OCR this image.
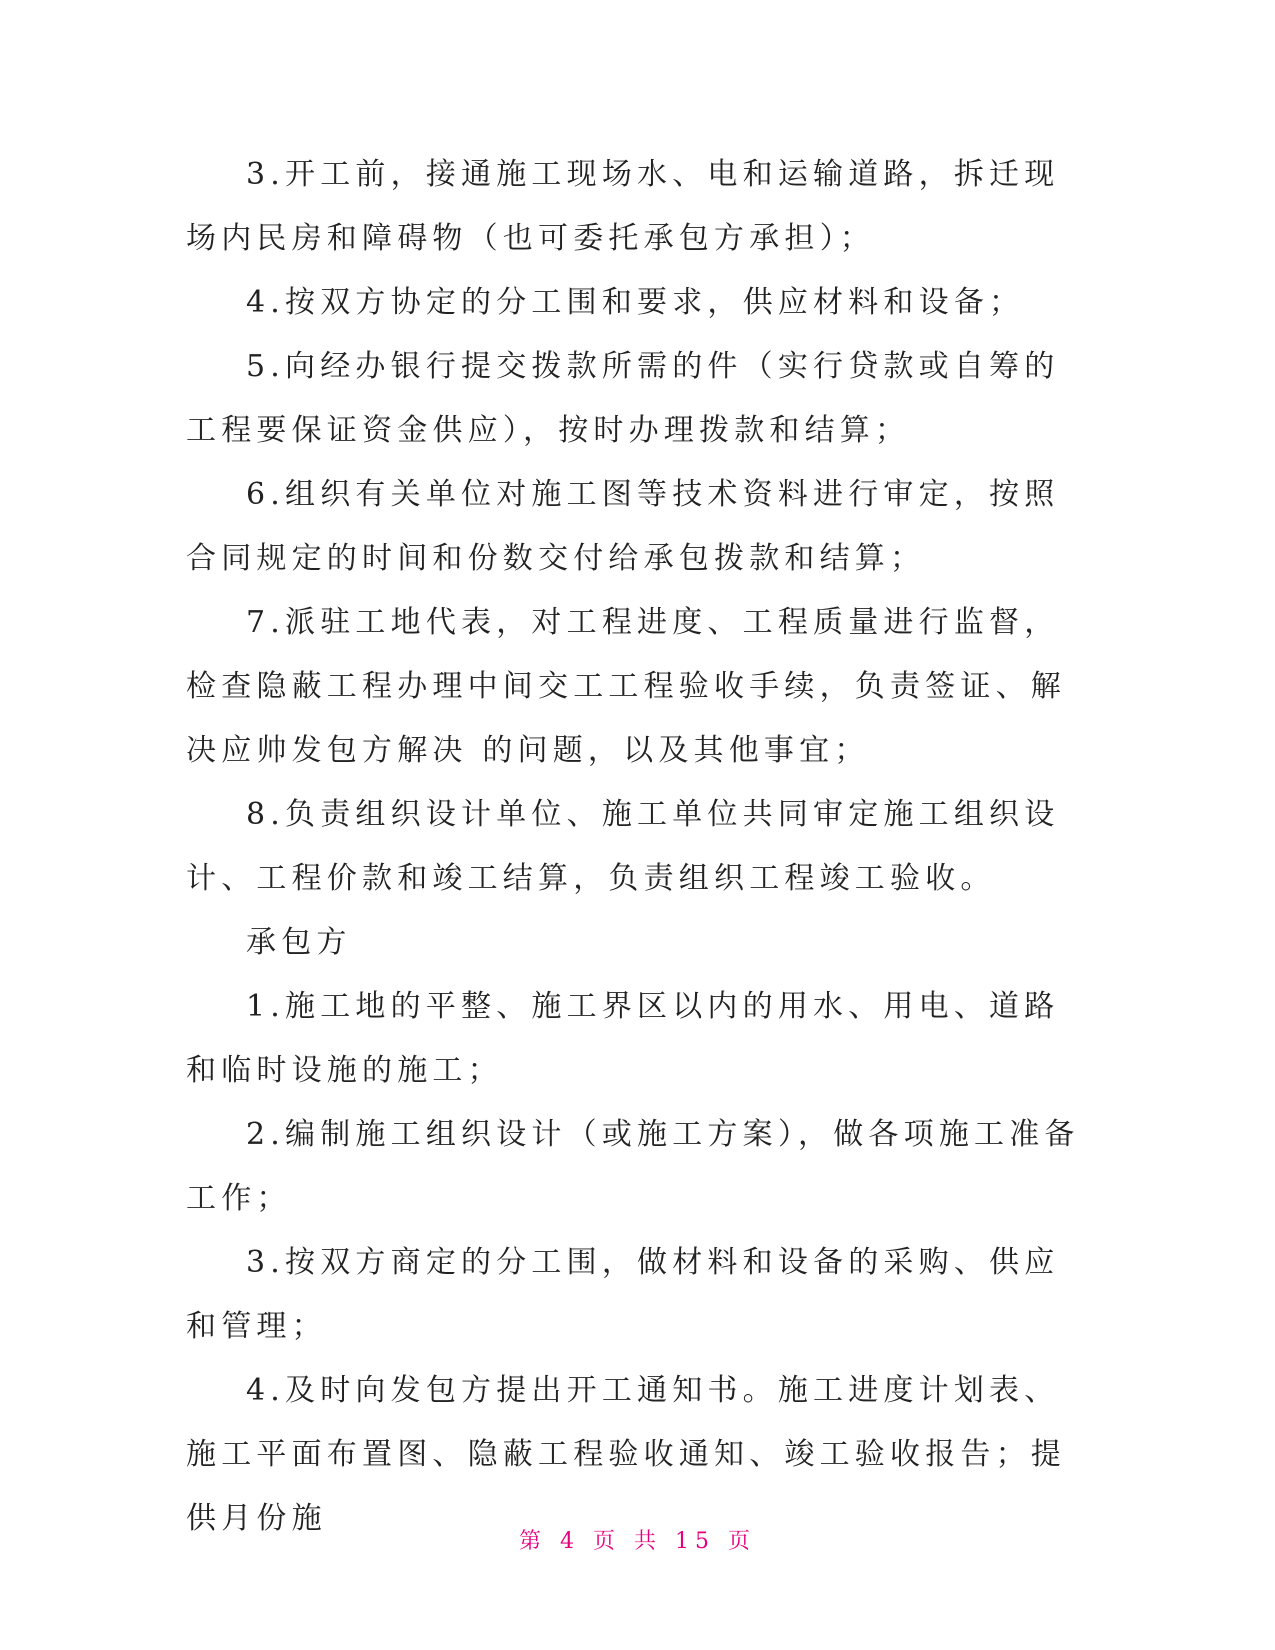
3.开工前，接通施工现场水、电和运输道路，拆迁现场内民房和障碍物（也可委托承包方承担）；

4.按双方协定的分工围和要求，供应材料和设备；

5.向经办银行提交拨款所需的件（实行贷款或自筹的工程要保证资金供应），按时办理拨款和结算；

6.组织有关单位对施工图等技术资料进行审定，按照合同规定的时间和份数交付给承包拨款和结算；

7.派驻工地代表，对工程进度、工程质量进行监督，检查隐蔽工程办理中间交工工程验收手续，负责签证、解决应帅发包方解决 的问题，以及其他事宜；

8.负责组织设计单位、施工单位共同审定施工组织设计、工程价款和竣工结算，负责组织工程竣工验收。

承包方

1.施工地的平整、施工界区以内的用水、用电、道路和临时设施的施工；

2.编制施工组织设计（或施工方案），做各项施工准备工作；

3.按双方商定的分工围，做材料和设备的采购、供应和管理；

4.及时向发包方提出开工通知书。施工进度计划表、施工平面布置图、隐蔽工程验收通知、竣工验收报告；提供月份施

第 4 页 共 15 页
